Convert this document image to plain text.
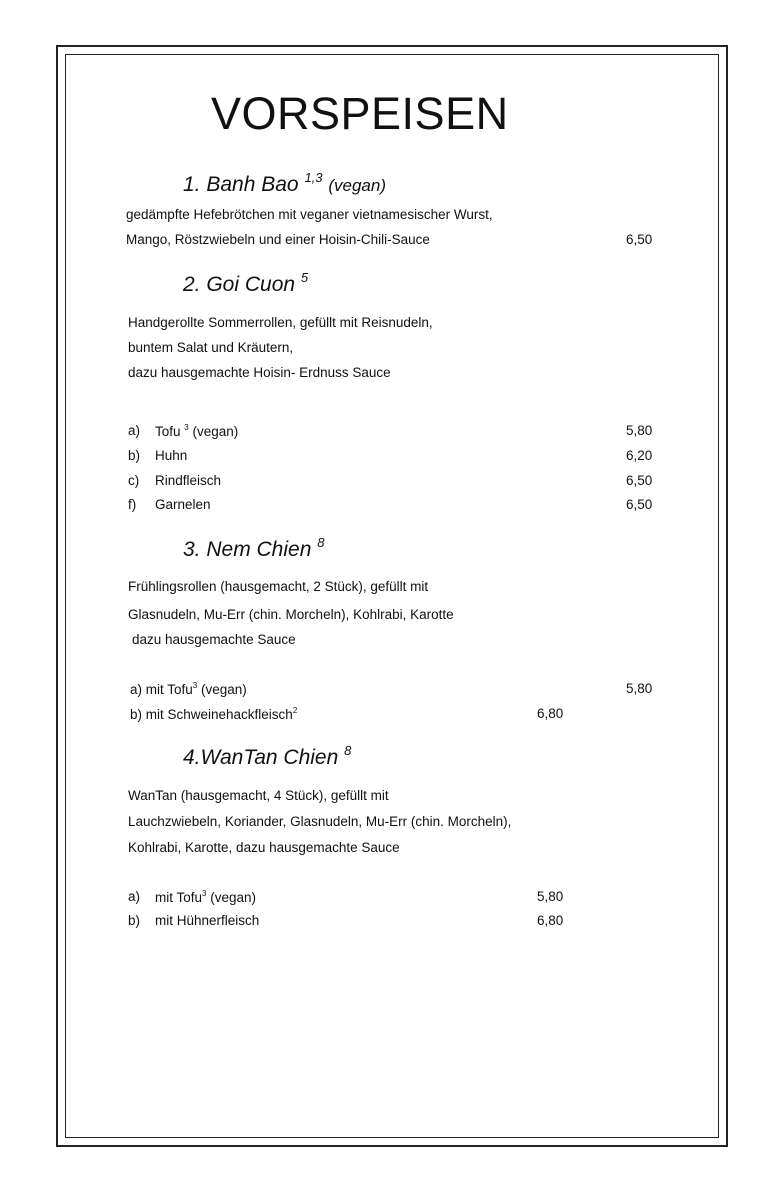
VORSPEISEN
1. Banh Bao $^{1,3}$ (vegan)
gedämpfte Hefebrötchen mit veganer vietnamesischer Wurst,
Mango, Röstzwiebeln und einer Hoisin-Chili-Sauce	6,50
2. Goi Cuon $^5$
Handgerollte Sommerrollen, gefüllt mit Reisnudeln,
buntem Salat und Kräutern,
dazu hausgemachte Hoisin- Erdnuss Sauce
a) Tofu $^3$ (vegan)	5,80
b) Huhn	6,20
c) Rindfleisch	6,50
f) Garnelen	6,50
3. Nem Chien $^8$
Frühlingsrollen (hausgemacht, 2 Stück), gefüllt mit
Glasnudeln, Mu-Err (chin. Morcheln), Kohlrabi, Karotte
dazu hausgemachte Sauce
a) mit Tofu$^3$ (vegan)	5,80
b) mit Schweinehackfleisch$^2$	6,80
4.WanTan Chien $^8$
WanTan (hausgemacht, 4 Stück), gefüllt mit
Lauchzwiebeln, Koriander, Glasnudeln, Mu-Err (chin. Morcheln),
Kohlrabi, Karotte, dazu hausgemachte Sauce
a) mit Tofu$^3$ (vegan)	5,80
b) mit Hühnerfleisch	6,80
